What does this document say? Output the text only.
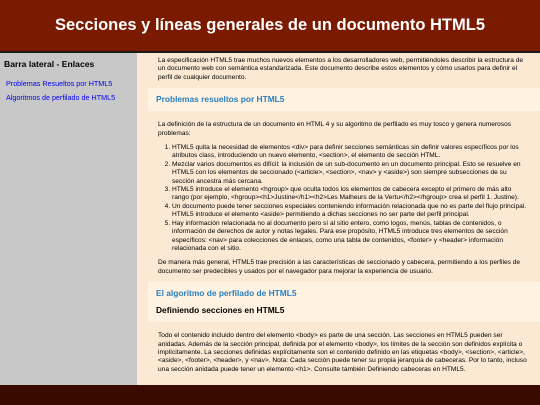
Secciones y líneas generales de un documento HTML5
Barra lateral - Enlaces
Problemas Resueltos por HTML5
Algoritmos de perfilado de HTML5

La especificación HTML5 trae muchos nuevos elementos a los desarrolladores web, permitiéndoles describir la estructura de un documento web con semántica estandarizada. Este documento describe estos elementos y cómo usarlos para definir el perfil de cualquier documento.

Problemas resueltos por HTML5

La definición de la estructura de un documento en HTML 4 y su algoritmo de perfilado es muy tosco y genera numerosos problemas:

1. HTML5 quita la necesidad de elementos <div> para definir secciones semánticas sin definir valores específicos por los atributos class, introduciendo un nuevo elemento, <section>, el elemento de sección HTML.
2. Mezclar varios documentos es difícil: la inclusión de un sub-documento en un documento principal. Esto se resuelve en HTML5 con los elementos de seccionado (<article>, <section>, <nav> y <aside>) son siempre subsecciones de su sección ancestra más cercana.
3. HTML5 introduce el elemento <hgroup> que oculta todos los elementos de cabecera excepto el primero de más alto rango (por ejemplo, <hgroup><h1>Justine</h1><h2>Les Malheurs de la Vertu</h2></hgroup> crea el perfil 1. Justine).
4. Un documento puede tener secciones especiales conteniendo información relacionada que no es parte del flujo principal. HTML5 introduce el elemento <aside> permitiendo a dichas secciones no ser parte del perfil principal.
5. Hay información relacionada no al documento pero sí al sitio entero, como logos, menús, tablas de contenidos, o información de derechos de autor y notas legales. Para ese propósito, HTML5 introduce tres elementos de sección específicos: <nav> para colecciones de enlaces, como una tabla de contenidos, <footer> y <header> información relacionada con el sitio.

De manera más general, HTML5 trae precisión a las características de seccionado y cabecera, permitiendo a los perfiles de documento ser predecibles y usados por el navegador para mejorar la experiencia de usuario.

El algoritmo de perfilado de HTML5
Definiendo secciones en HTML5

Todo el contenido incluido dentro del elemento <body> es parte de una sección. Las secciones en HTML5 pueden ser anidadas. Además de la sección principal, definida por el elemento <body>, los límites de la sección son definidos explícita o implícitamente. La secciones definidas explícitamente son el contenido definido en las etiquetas <body>, <section>, <article>, <aside>, <footer>, <header>, y <nav>. Nota: Cada sección puede tener su propia jerarquía de cabeceras. Por lo tanto, incluso una sección anidada puede tener un elemento <h1>. Consulte también Definiendo cabeceras en HTML5.
